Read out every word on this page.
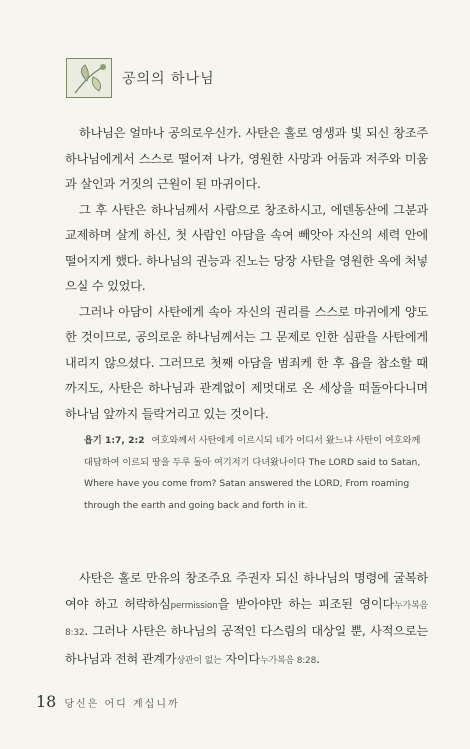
공의의 하나님

하나님은 얼마나 공의로우신가. 사탄은 홀로 영생과 빛 되신 창조주 하나님에게서 스스로 떨어져 나가, 영원한 사망과 어둠과 저주와 미움과 살인과 거짓의 근원이 된 마귀이다.

그 후 사탄은 하나님께서 사람으로 창조하시고, 에덴동산에 그분과 교제하며 살게 하신, 첫 사람인 아담을 속여 빼앗아 자신의 세력 안에 떨어지게 했다. 하나님의 권능과 진노는 당장 사탄을 영원한 옥에 처넣으실 수 있었다.

그러나 아담이 사탄에게 속아 자신의 권리를 스스로 마귀에게 양도한 것이므로, 공의로운 하나님께서는 그 문제로 인한 심판을 사탄에게 내리지 않으셨다. 그러므로 첫째 아담을 범죄케 한 후 욥을 참소할 때까지도, 사탄은 하나님과 관계없이 제멋대로 온 세상을 떠돌아다니며 하나님 앞까지 들락거리고 있는 것이다.

욥기 1:7, 2:2 여호와께서 사탄에게 이르시되 네가 어디서 왔느냐 사탄이 여호와께 대답하여 이르되 땅을 두루 돌아 여기저기 다녀왔나이다 The LORD said to Satan, Where have you come from? Satan answered the LORD, From roaming through the earth and going back and forth in it.

사탄은 홀로 만유의 창조주요 주권자 되신 하나님의 명령에 굴복하여야 하고 허락하심permission을 받아야만 하는 피조된 영이다누가복음 8:32. 그러나 사탄은 하나님의 공적인 다스림의 대상일 뿐, 사적으로는 하나님과 전혀 관계가상관이 없는 자이다누가복음 8:28.

18 당신은 어디 계십니까
